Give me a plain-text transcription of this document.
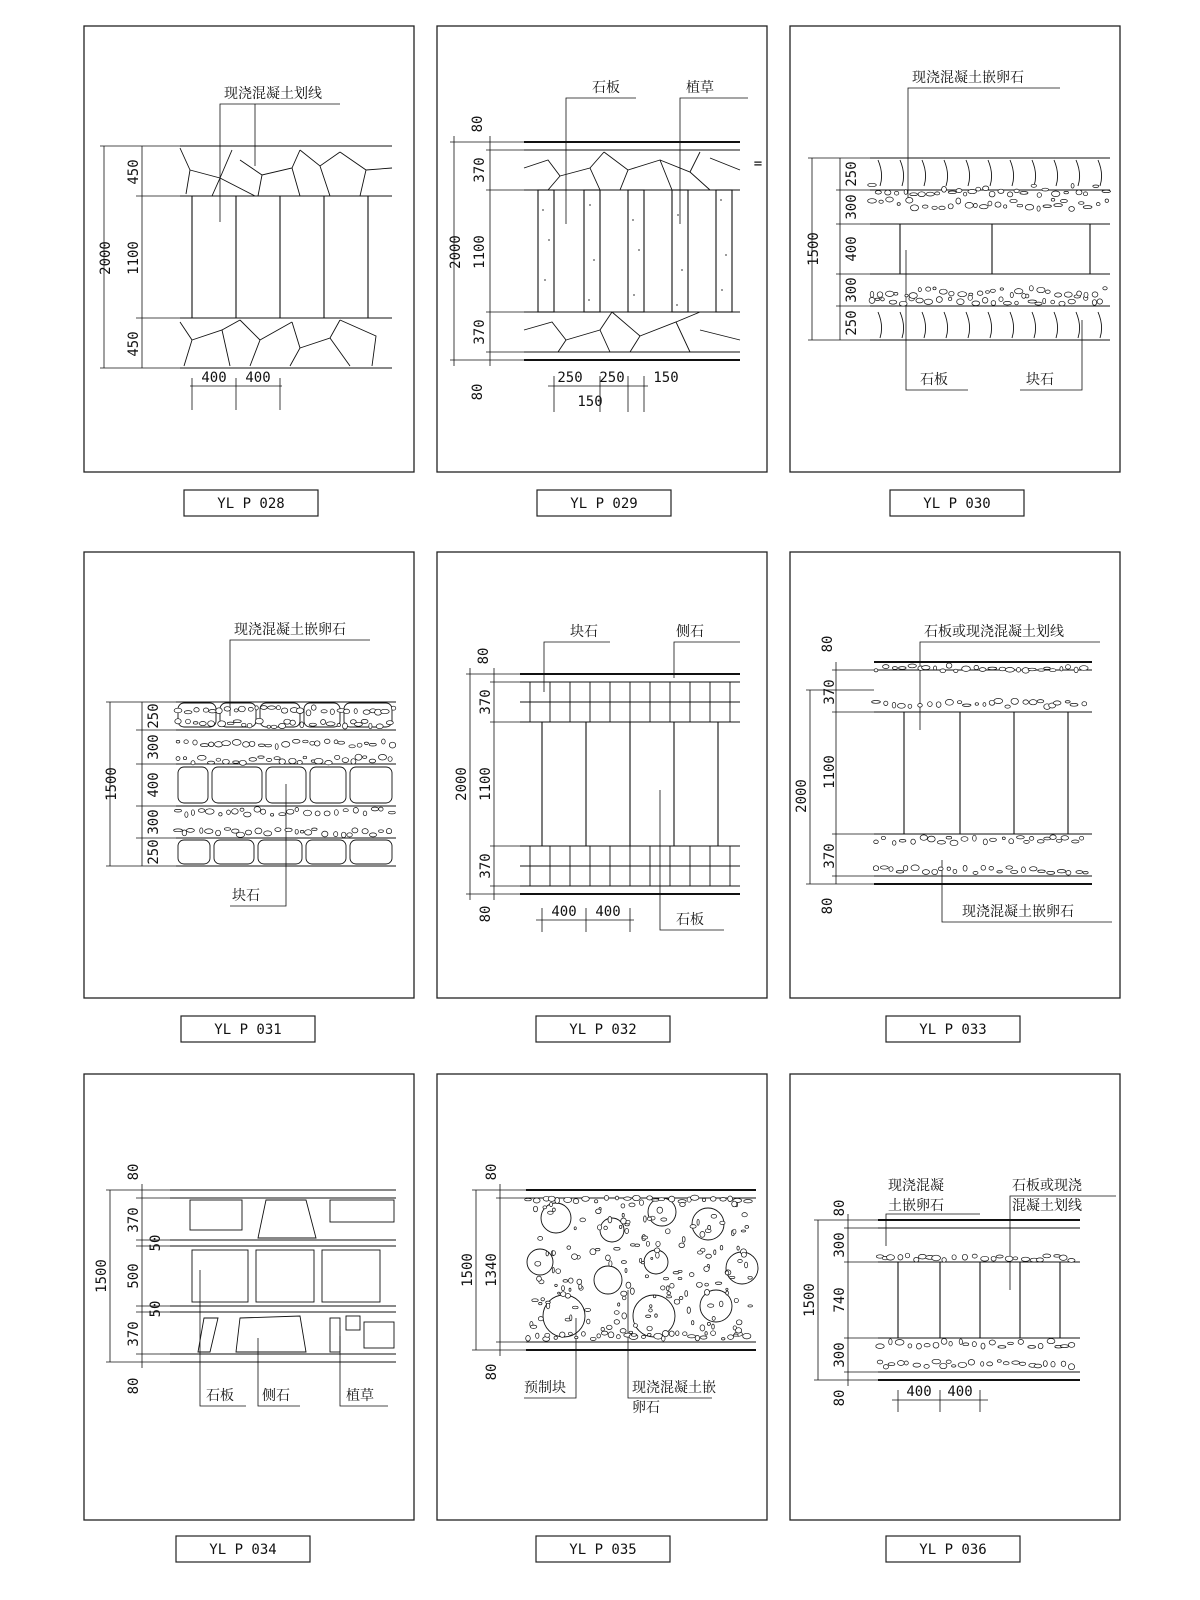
2000
450
1100
450
400 400
现浇混凝土划线
YL P 028
80
2000
370
1100
370
80
250 250 150
150
石板	植草
=
YL P 029
1500
250
300
400
300
250
现浇混凝土嵌卵石
石板	块石
YL P 030
1500
250
300
400
300
250
现浇混凝土嵌卵石
块石
YL P 031
80
2000
370
1100
370
80	400 400
块石	侧石
石板
YL P 032
80
2000
370
1100
370
80
石板或现浇混凝土划线
现浇混凝土嵌卵石
YL P 033
80
1500
370
50
500
50
370
80
石板 侧石	植草
YL P 034
80
1500 1340
80
预制块	现浇混凝土嵌
卵石
YL P 035
80
1500
300
740
300
80	400 400
现浇混凝
土嵌卵石
石板或现浇
混凝土划线
YL P 036
